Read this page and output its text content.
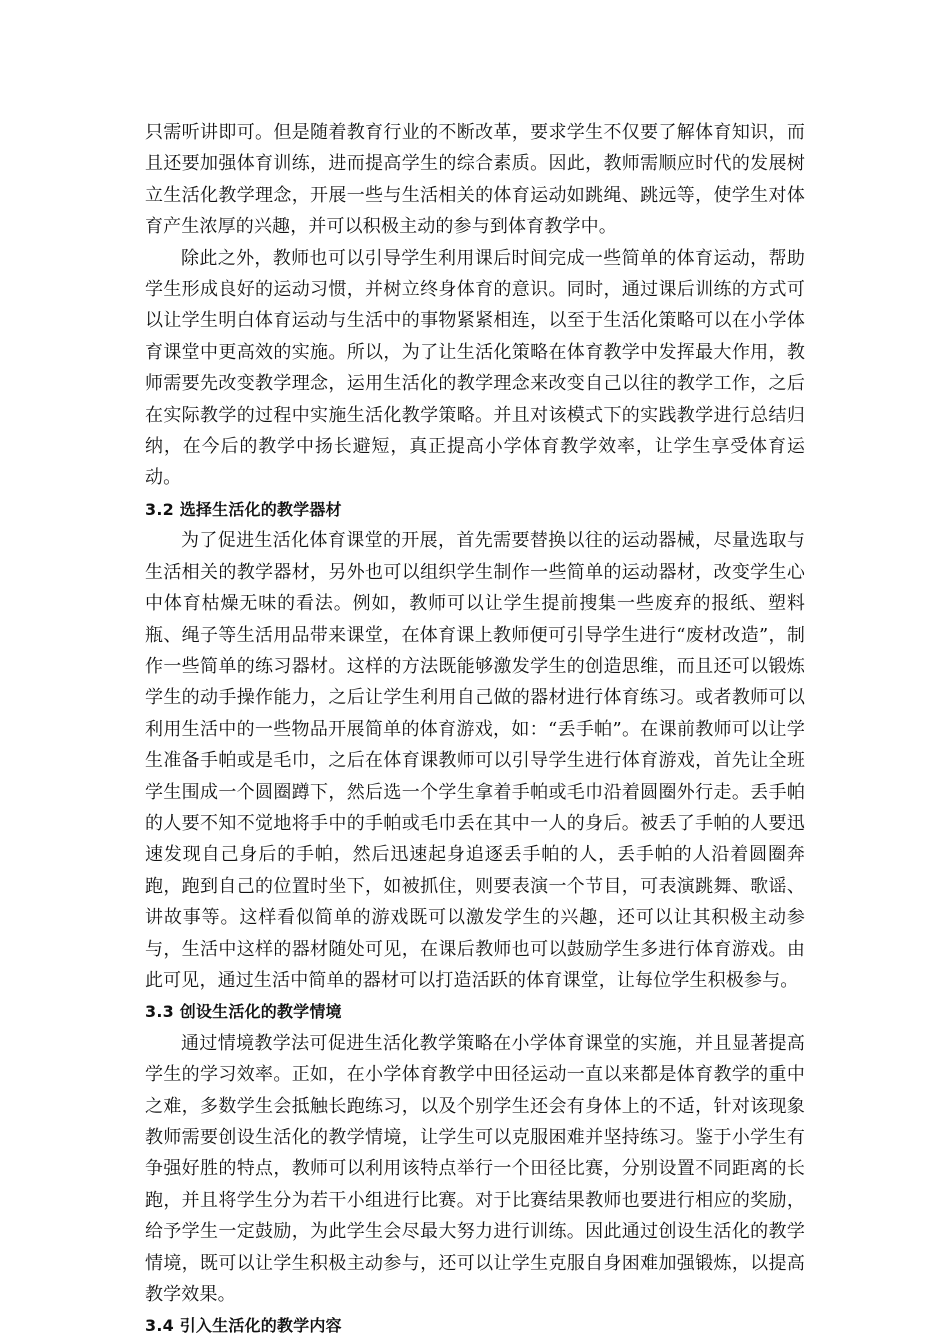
只需听讲即可。但是随着教育行业的不断改革，要求学生不仅要了解体育知识，而且还要加强体育训练，进而提高学生的综合素质。因此，教师需顺应时代的发展树立生活化教学理念，开展一些与生活相关的体育运动如跳绳、跳远等，使学生对体育产生浓厚的兴趣，并可以积极主动的参与到体育教学中。

除此之外，教师也可以引导学生利用课后时间完成一些简单的体育运动，帮助学生形成良好的运动习惯，并树立终身体育的意识。同时，通过课后训练的方式可以让学生明白体育运动与生活中的事物紧紧相连，以至于生活化策略可以在小学体育课堂中更高效的实施。所以，为了让生活化策略在体育教学中发挥最大作用，教师需要先改变教学理念，运用生活化的教学理念来改变自己以往的教学工作，之后在实际教学的过程中实施生活化教学策略。并且对该模式下的实践教学进行总结归纳，在今后的教学中扬长避短，真正提高小学体育教学效率，让学生享受体育运动。

3.2 选择生活化的教学器材

为了促进生活化体育课堂的开展，首先需要替换以往的运动器械，尽量选取与生活相关的教学器材，另外也可以组织学生制作一些简单的运动器材，改变学生心中体育枯燥无味的看法。例如，教师可以让学生提前搜集一些废弃的报纸、塑料瓶、绳子等生活用品带来课堂，在体育课上教师便可引导学生进行“废材改造”，制作一些简单的练习器材。这样的方法既能够激发学生的创造思维，而且还可以锻炼学生的动手操作能力，之后让学生利用自己做的器材进行体育练习。或者教师可以利用生活中的一些物品开展简单的体育游戏，如：“丢手帕”。在课前教师可以让学生准备手帕或是毛巾，之后在体育课教师可以引导学生进行体育游戏，首先让全班学生围成一个圆圈蹲下，然后选一个学生拿着手帕或毛巾沿着圆圈外行走。丢手帕的人要不知不觉地将手中的手帕或毛巾丢在其中一人的身后。被丢了手帕的人要迅速发现自己身后的手帕，然后迅速起身追逐丢手帕的人，丢手帕的人沿着圆圈奔跑，跑到自己的位置时坐下，如被抓住，则要表演一个节目，可表演跳舞、歌谣、讲故事等。这样看似简单的游戏既可以激发学生的兴趣，还可以让其积极主动参与，生活中这样的器材随处可见，在课后教师也可以鼓励学生多进行体育游戏。由此可见，通过生活中简单的器材可以打造活跃的体育课堂，让每位学生积极参与。

3.3 创设生活化的教学情境

通过情境教学法可促进生活化教学策略在小学体育课堂的实施，并且显著提高学生的学习效率。正如，在小学体育教学中田径运动一直以来都是体育教学的重中之难，多数学生会抵触长跑练习，以及个别学生还会有身体上的不适，针对该现象教师需要创设生活化的教学情境，让学生可以克服困难并坚持练习。鉴于小学生有争强好胜的特点，教师可以利用该特点举行一个田径比赛，分别设置不同距离的长跑，并且将学生分为若干小组进行比赛。对于比赛结果教师也要进行相应的奖励，给予学生一定鼓励，为此学生会尽最大努力进行训练。因此通过创设生活化的教学情境，既可以让学生积极主动参与，还可以让学生克服自身困难加强锻炼，以提高教学效果。

3.4 引入生活化的教学内容
